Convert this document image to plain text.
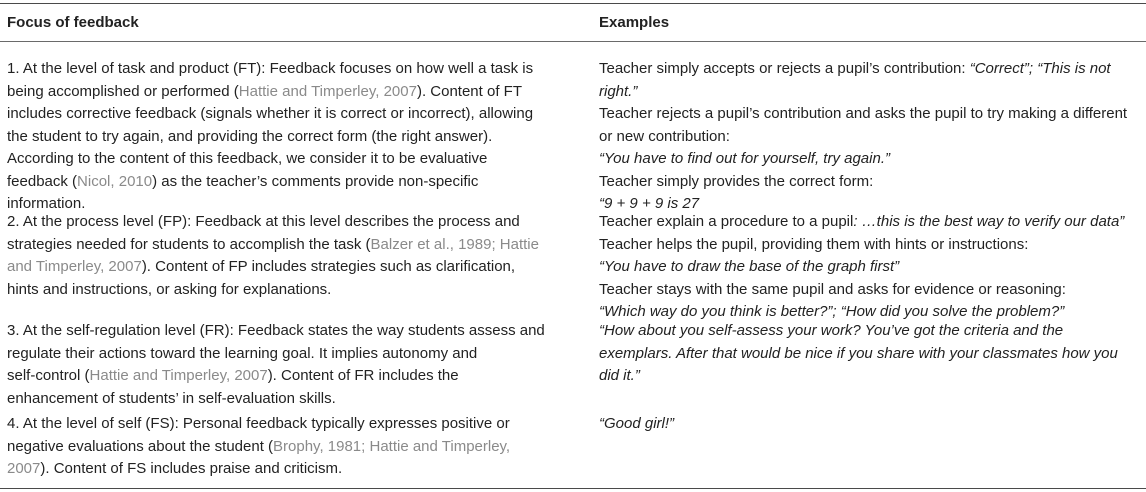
Focus of feedback	Examples
1. At the level of task and product (FT): Feedback focuses on how well a task is
being accomplished or performed (Hattie and Timperley, 2007). Content of FT
includes corrective feedback (signals whether it is correct or incorrect), allowing
the student to try again, and providing the correct form (the right answer).
According to the content of this feedback, we consider it to be evaluative
feedback (Nicol, 2010) as the teacher’s comments provide non-specific
information.
Teacher simply accepts or rejects a pupil’s contribution: “Correct”; “This is not
right.”
Teacher rejects a pupil’s contribution and asks the pupil to try making a different
or new contribution:
“You have to find out for yourself, try again.”
Teacher simply provides the correct form:
“9 + 9 + 9 is 27
2. At the process level (FP): Feedback at this level describes the process and
strategies needed for students to accomplish the task (Balzer et al., 1989; Hattie
and Timperley, 2007). Content of FP includes strategies such as clarification,
hints and instructions, or asking for explanations.
Teacher explain a procedure to a pupil: …this is the best way to verify our data”
Teacher helps the pupil, providing them with hints or instructions:
“You have to draw the base of the graph first”
Teacher stays with the same pupil and asks for evidence or reasoning:
“Which way do you think is better?”; “How did you solve the problem?”
3. At the self-regulation level (FR): Feedback states the way students assess and
regulate their actions toward the learning goal. It implies autonomy and
self-control (Hattie and Timperley, 2007). Content of FR includes the
enhancement of students’ in self-evaluation skills.
“How about you self-assess your work? You’ve got the criteria and the
exemplars. After that would be nice if you share with your classmates how you
did it.”
4. At the level of self (FS): Personal feedback typically expresses positive or
negative evaluations about the student (Brophy, 1981; Hattie and Timperley,
2007). Content of FS includes praise and criticism.
“Good girl!”
